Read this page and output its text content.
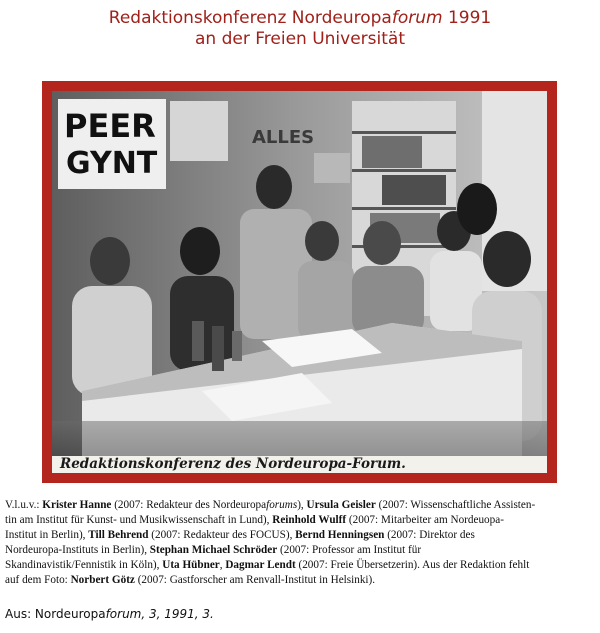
Redaktionskonferenz Nordeuropaforum 1991
an der Freien Universität
PEER
GYNT
ALLES
Redaktionskonferenz des Nordeuropa-Forum.
V.l.u.v.: Krister Hanne (2007: Redakteur des Nordeuropaforums), Ursula Geisler (2007: Wissenschaftliche Assisten-
tin am Institut für Kunst- und Musikwissenschaft in Lund), Reinhold Wulff (2007: Mitarbeiter am Nordeuopa-
Institut in Berlin), Till Behrend (2007: Redakteur des FOCUS), Bernd Henningsen (2007: Direktor des
Nordeuropa-Instituts in Berlin), Stephan Michael Schröder (2007: Professor am Institut für
Skandinavistik/Fennistik in Köln), Uta Hübner, Dagmar Lendt (2007: Freie Übersetzerin). Aus der Redaktion fehlt
auf dem Foto: Norbert Götz (2007: Gastforscher am Renvall-Institut in Helsinki).
Aus: Nordeuropaforum, 3, 1991, 3.
